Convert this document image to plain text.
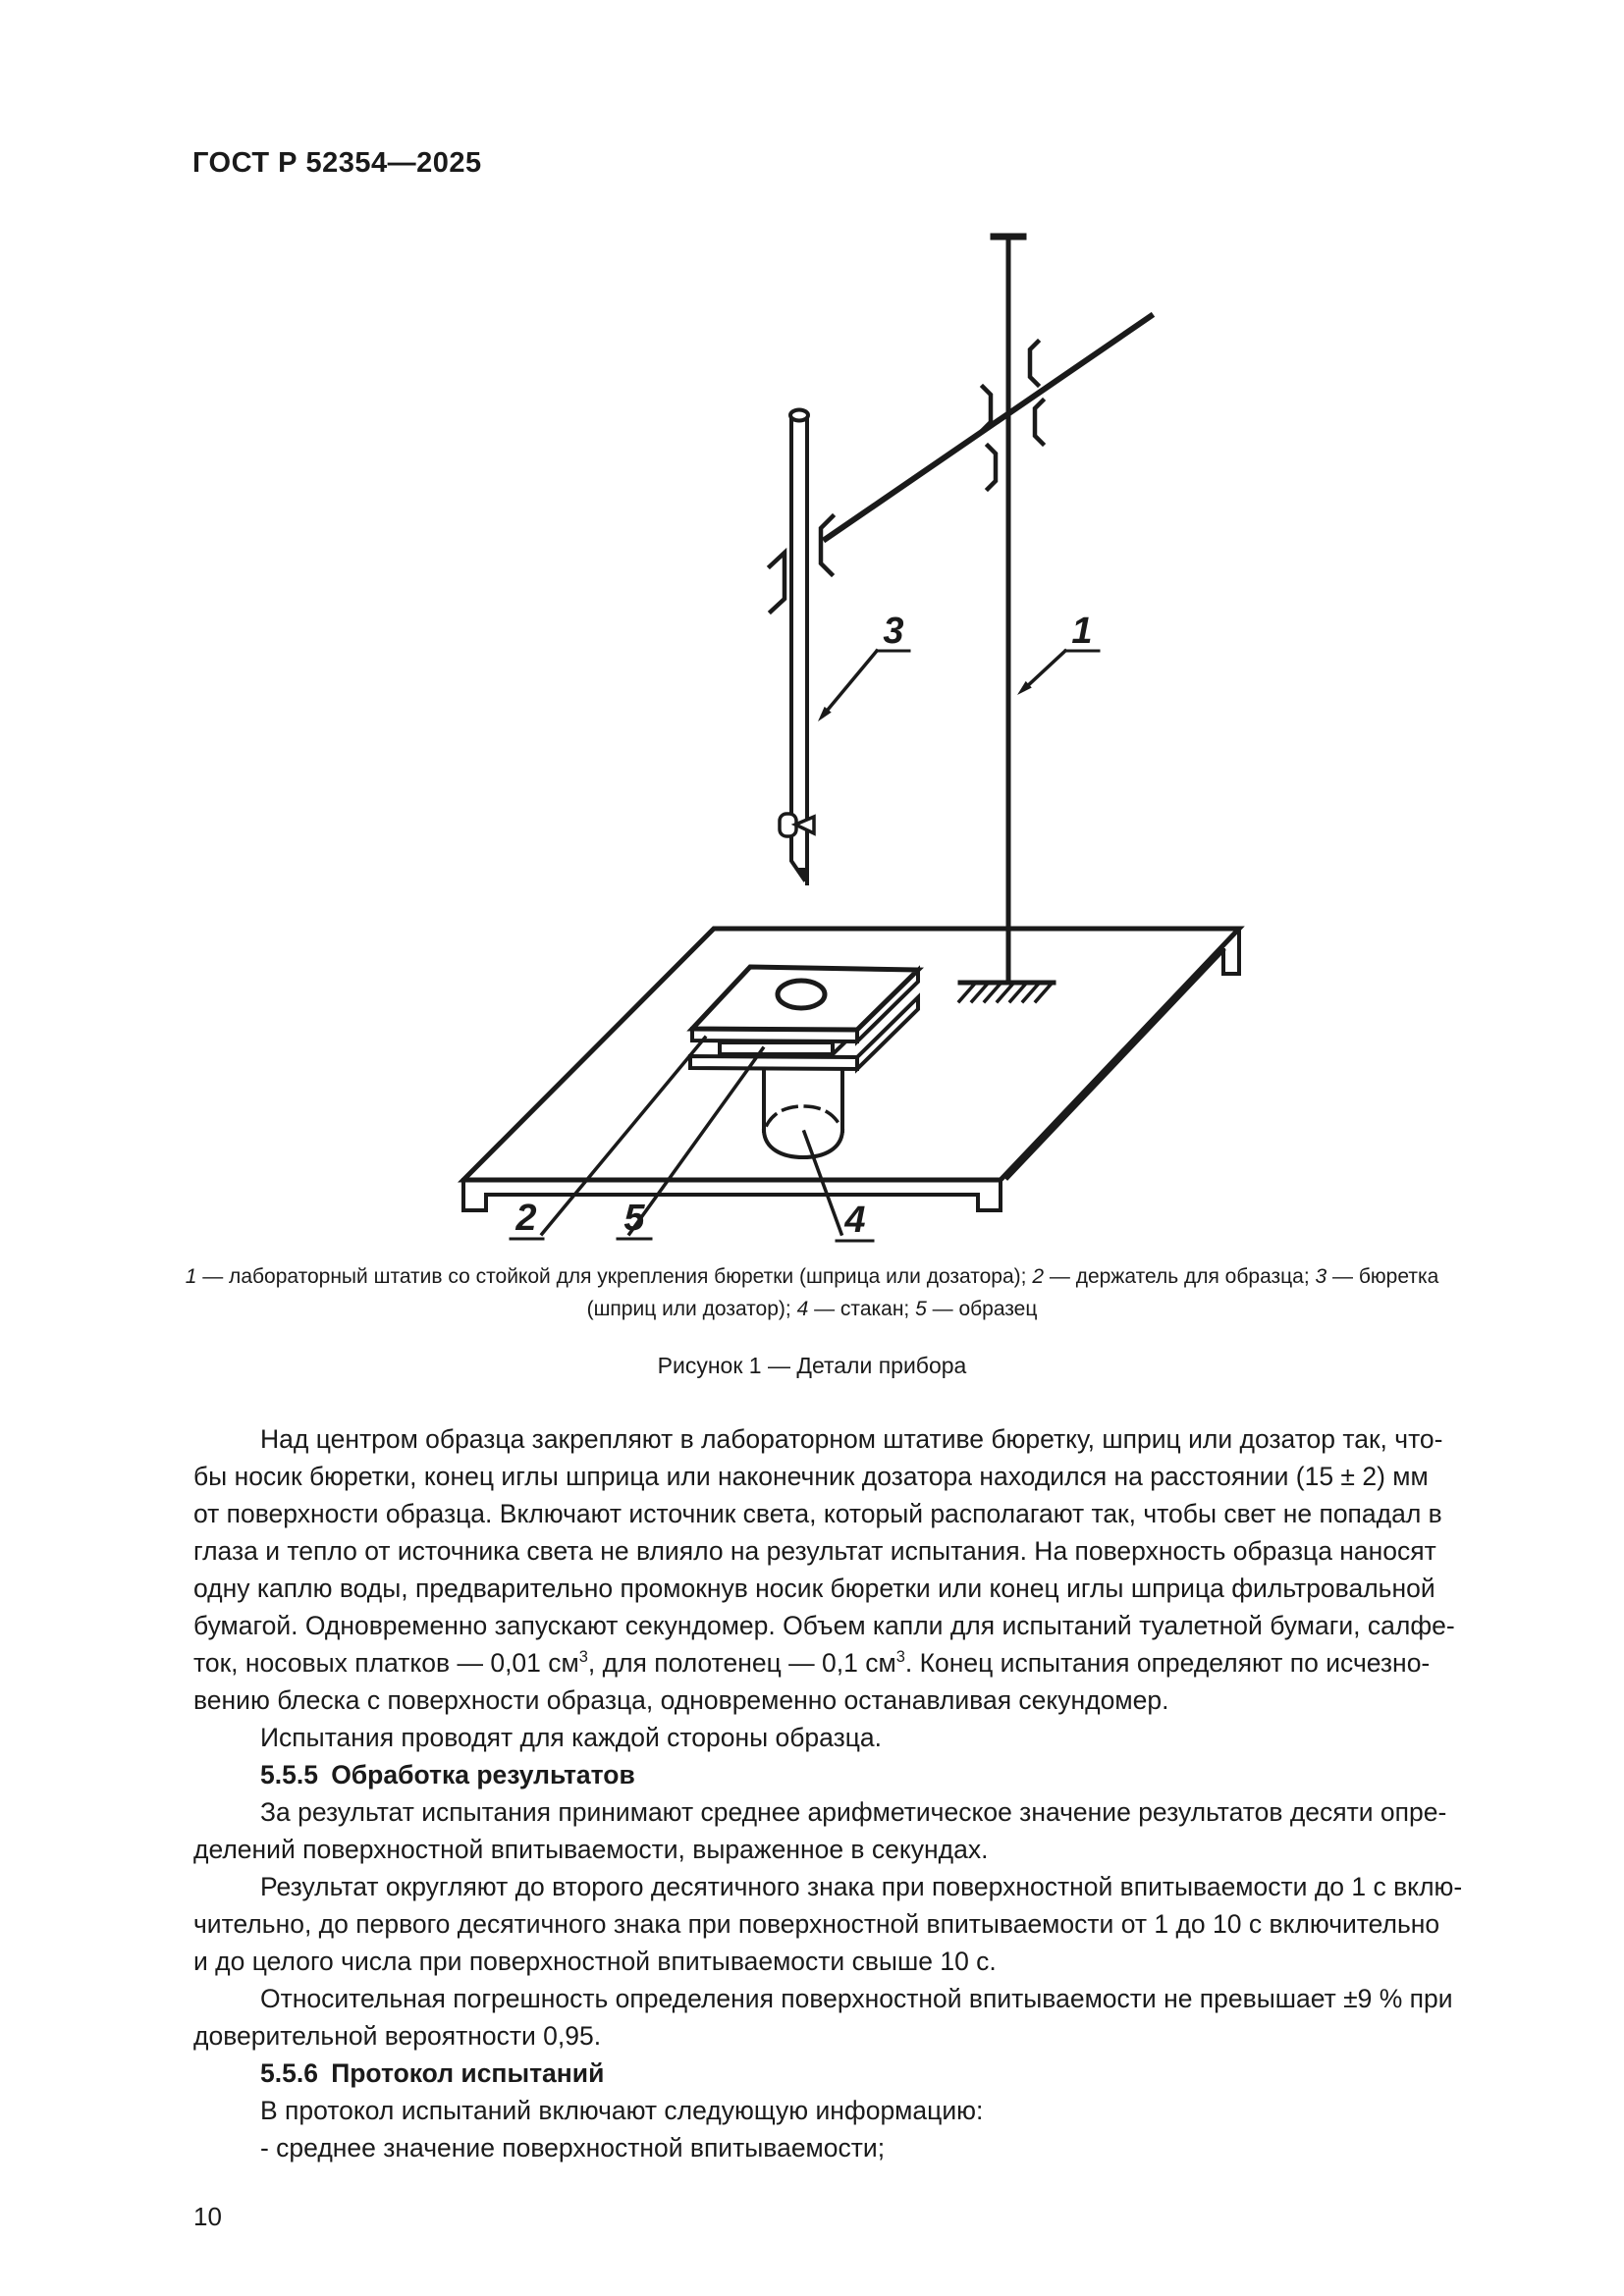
ГОСТ Р 52354—2025
3	1
2 5	4
1 — лабораторный штатив со стойкой для укрепления бюретки (шприца или дозатора); 2 — держатель для образца; 3 — бюретка
(шприц или дозатор); 4 — стакан; 5 — образец
Рисунок 1 — Детали прибора
Над центром образца закрепляют в лабораторном штативе бюретку, шприц или дозатор так, что-
бы носик бюретки, конец иглы шприца или наконечник дозатора находился на расстоянии (15 ± 2) мм
от поверхности образца. Включают источник света, который располагают так, чтобы свет не попадал в
глаза и тепло от источника света не влияло на результат испытания. На поверхность образца наносят
одну каплю воды, предварительно промокнув носик бюретки или конец иглы шприца фильтровальной
бумагой. Одновременно запускают секундомер. Объем капли для испытаний туалетной бумаги, салфе-
ток, носовых платков — 0,01 $см^3$, для полотенец — 0,1 $см^3$. Конец испытания определяют по исчезно-
вению блеска с поверхности образца, одновременно останавливая секундомер.
Испытания проводят для каждой стороны образца.
5.5.5 Обработка результатов
За результат испытания принимают среднее арифметическое значение результатов десяти опре-
делений поверхностной впитываемости, выраженное в секундах.
Результат округляют до второго десятичного знака при поверхностной впитываемости до 1 с вклю-
чительно, до первого десятичного знака при поверхностной впитываемости от 1 до 10 с включительно
и до целого числа при поверхностной впитываемости свыше 10 с.
Относительная погрешность определения поверхностной впитываемости не превышает ±9 % при
доверительной вероятности 0,95.
5.5.6 Протокол испытаний
В протокол испытаний включают следующую информацию:
- среднее значение поверхностной впитываемости;
10
